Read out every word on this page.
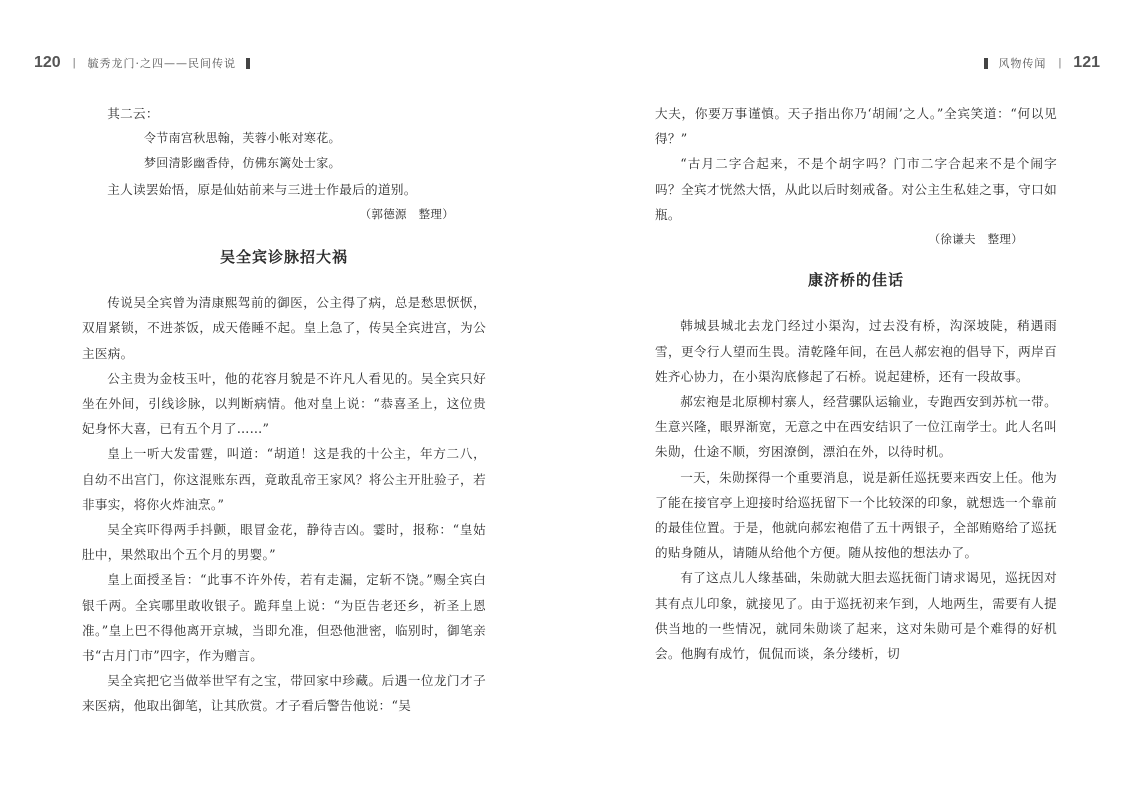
120 | 毓秀龙门·之四——民间传说

其二云：

令节南宫秋思翰，芙蓉小帐对寒花。

梦回清影幽香侍，仿佛东篱处士家。

主人读罢始悟，原是仙姑前来与三进士作最后的道别。

（郭德源　整理）

吴全宾诊脉招大祸

传说吴全宾曾为清康熙驾前的御医，公主得了病，总是愁思恹恹，双眉紧锁，不进茶饭，成天倦睡不起。皇上急了，传吴全宾进宫，为公主医病。

公主贵为金枝玉叶，他的花容月貌是不许凡人看见的。吴全宾只好坐在外间，引线诊脉，以判断病情。他对皇上说：“恭喜圣上，这位贵妃身怀大喜，已有五个月了……”

皇上一听大发雷霆，叫道：“胡道！这是我的十公主，年方二八，自幼不出宫门，你这混账东西，竟敢乱帝王家风？将公主开肚验子，若非事实，将你火炸油烹。”

吴全宾吓得两手抖颤，眼冒金花，静待吉凶。霎时，报称：“皇姑肚中，果然取出个五个月的男婴。”

皇上面授圣旨：“此事不许外传，若有走漏，定斩不饶。”赐全宾白银千两。全宾哪里敢收银子。跪拜皇上说：“为臣告老还乡，祈圣上恩准。”皇上巴不得他离开京城，当即允准，但恐他泄密，临别时，御笔亲书“古月门市”四字，作为赠言。

吴全宾把它当做举世罕有之宝，带回家中珍藏。后遇一位龙门才子来医病，他取出御笔，让其欣赏。才子看后警告他说：“吴

风物传闻 | 121

大夫，你要万事谨慎。天子指出你乃‘胡闹’之人。”全宾笑道：“何以见得？”

“古月二字合起来，不是个胡字吗？门市二字合起来不是个闹字吗？全宾才恍然大悟，从此以后时刻戒备。对公主生私娃之事，守口如瓶。

（徐谦夫　整理）

康济桥的佳话

韩城县城北去龙门经过小渠沟，过去没有桥，沟深坡陡，稍遇雨雪，更令行人望而生畏。清乾隆年间，在邑人郝宏袍的倡导下，两岸百姓齐心协力，在小渠沟底修起了石桥。说起建桥，还有一段故事。

郝宏袍是北原柳村寨人，经营骡队运输业，专跑西安到苏杭一带。生意兴隆，眼界渐宽，无意之中在西安结识了一位江南学士。此人名叫朱勋，仕途不顺，穷困潦倒，漂泊在外，以待时机。

一天，朱勋探得一个重要消息，说是新任巡抚要来西安上任。他为了能在接官亭上迎接时给巡抚留下一个比较深的印象，就想选一个靠前的最佳位置。于是，他就向郝宏袍借了五十两银子，全部贿赂给了巡抚的贴身随从，请随从给他个方便。随从按他的想法办了。

有了这点儿人缘基础，朱勋就大胆去巡抚衙门请求谒见，巡抚因对其有点儿印象，就接见了。由于巡抚初来乍到，人地两生，需要有人提供当地的一些情况，就同朱勋谈了起来，这对朱勋可是个难得的好机会。他胸有成竹，侃侃而谈，条分缕析，切
